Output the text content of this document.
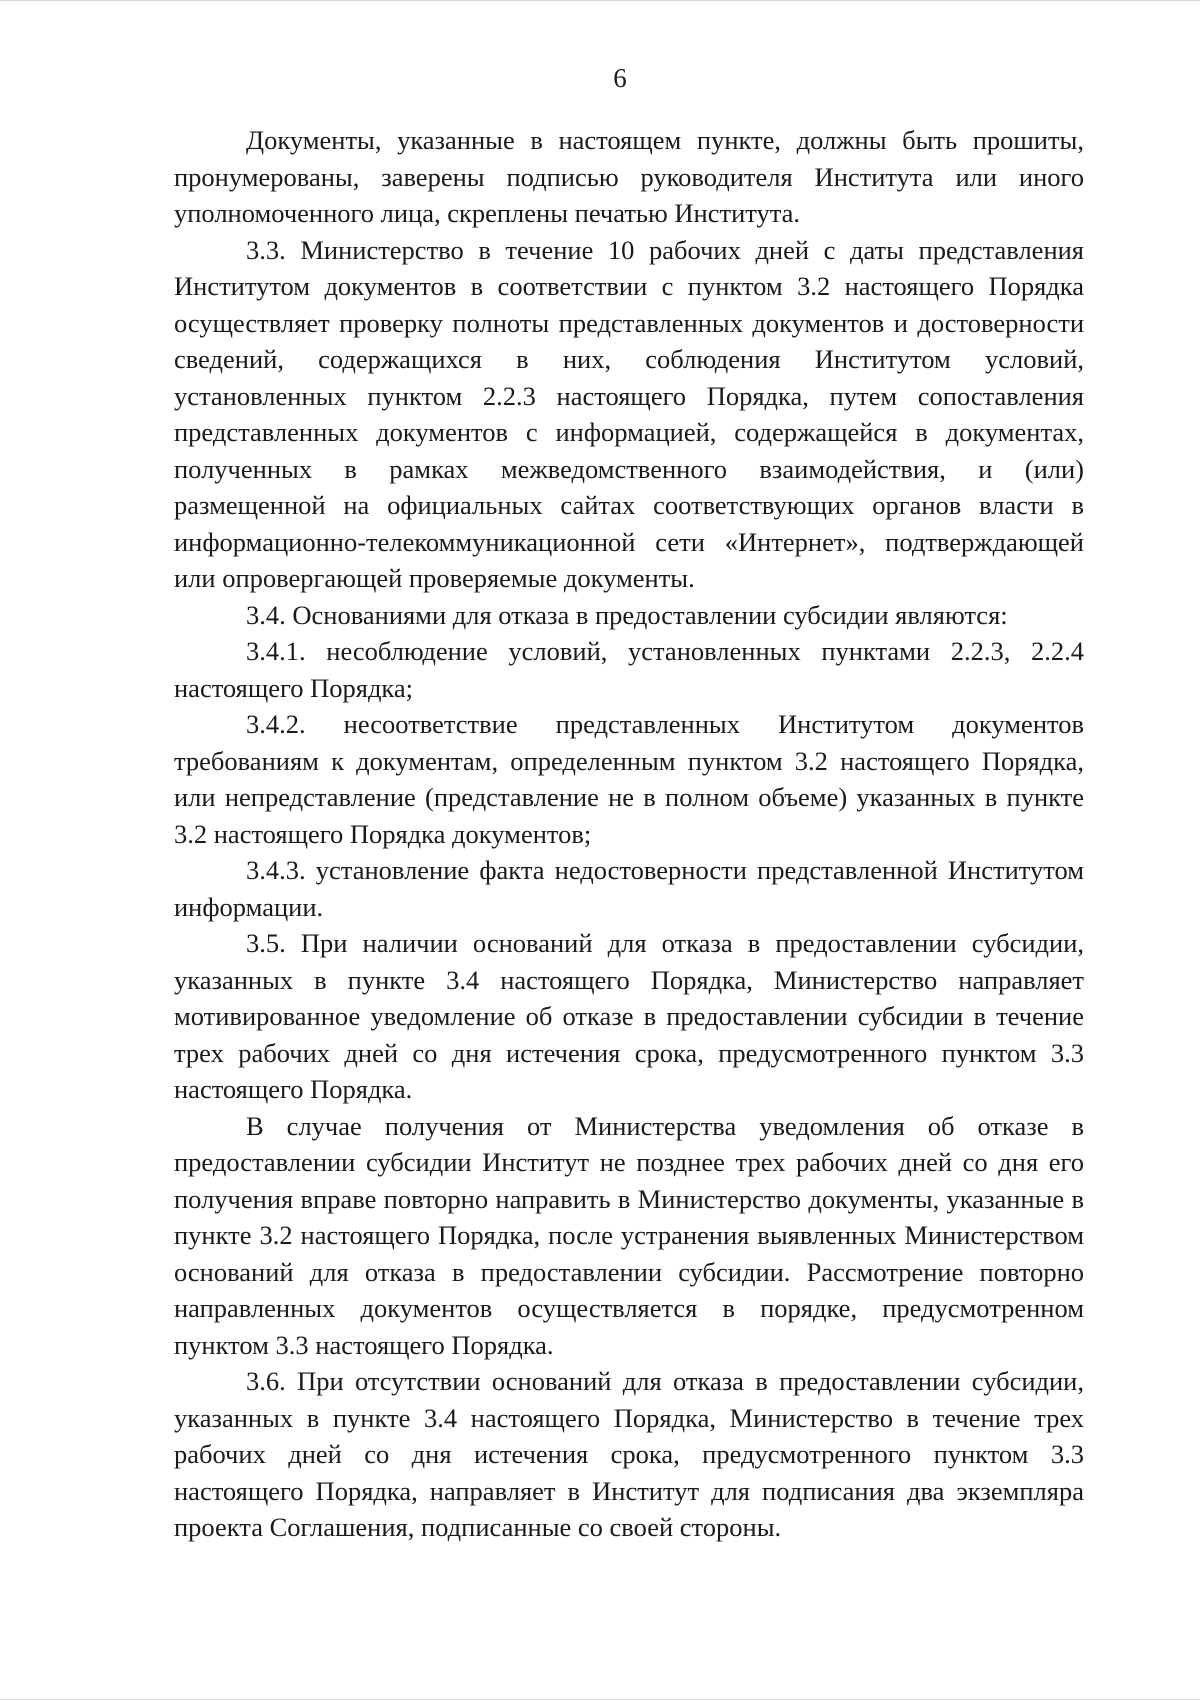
6

Документы, указанные в настоящем пункте, должны быть прошиты, пронумерованы, заверены подписью руководителя Института или иного уполномоченного лица, скреплены печатью Института.

3.3. Министерство в течение 10 рабочих дней с даты представления Институтом документов в соответствии с пунктом 3.2 настоящего Порядка осуществляет проверку полноты представленных документов и достоверности сведений, содержащихся в них, соблюдения Институтом условий, установленных пунктом 2.2.3 настоящего Порядка, путем сопоставления представленных документов с информацией, содержащейся в документах, полученных в рамках межведомственного взаимодействия, и (или) размещенной на официальных сайтах соответствующих органов власти в информационно-телекоммуникационной сети «Интернет», подтверждающей или опровергающей проверяемые документы.

3.4. Основаниями для отказа в предоставлении субсидии являются:

3.4.1. несоблюдение условий, установленных пунктами 2.2.3, 2.2.4 настоящего Порядка;

3.4.2. несоответствие представленных Институтом документов требованиям к документам, определенным пунктом 3.2 настоящего Порядка, или непредставление (представление не в полном объеме) указанных в пункте 3.2 настоящего Порядка документов;

3.4.3. установление факта недостоверности представленной Институтом информации.

3.5. При наличии оснований для отказа в предоставлении субсидии, указанных в пункте 3.4 настоящего Порядка, Министерство направляет мотивированное уведомление об отказе в предоставлении субсидии в течение трех рабочих дней со дня истечения срока, предусмотренного пунктом 3.3 настоящего Порядка.

В случае получения от Министерства уведомления об отказе в предоставлении субсидии Институт не позднее трех рабочих дней со дня его получения вправе повторно направить в Министерство документы, указанные в пункте 3.2 настоящего Порядка, после устранения выявленных Министерством оснований для отказа в предоставлении субсидии. Рассмотрение повторно направленных документов осуществляется в порядке, предусмотренном пунктом 3.3 настоящего Порядка.

3.6. При отсутствии оснований для отказа в предоставлении субсидии, указанных в пункте 3.4 настоящего Порядка, Министерство в течение трех рабочих дней со дня истечения срока, предусмотренного пунктом 3.3 настоящего Порядка, направляет в Институт для подписания два экземпляра проекта Соглашения, подписанные со своей стороны.
